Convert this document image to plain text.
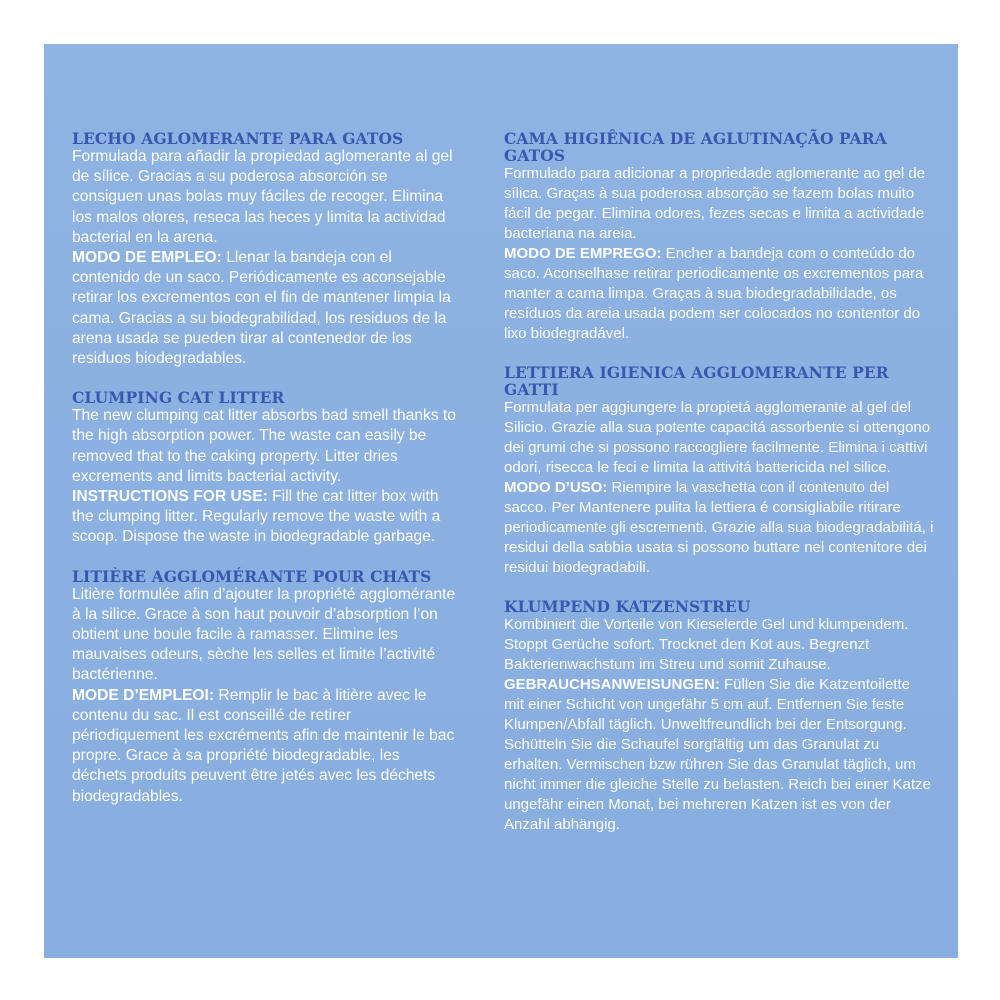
LECHO AGLOMERANTE PARA GATOS

Formulada para añadir la propiedad aglomerante al gel de sílice. Gracias a su poderosa absorción se consiguen unas bolas muy fáciles de recoger. Elimina los malos olores, reseca las heces y limita la actividad bacterial en la arena.
MODO DE EMPLEO: Llenar la bandeja con el contenido de un saco. Periódicamente es aconsejable retirar los excrementos con el fin de mantener limpia la cama. Gracias a su biodegrabilidad, los residuos de la arena usada se pueden tirar al contenedor de los residuos biodegradables.

CLUMPING CAT LITTER

The new clumping cat litter absorbs bad smell thanks to the high absorption power. The waste can easily be removed that to the caking property. Litter dries excrements and limits bacterial activity.
INSTRUCTIONS FOR USE: Fill the cat litter box with the clumping litter. Regularly remove the waste with a scoop. Dispose the waste in biodegradable garbage.

LITIÈRE AGGLOMÉRANTE POUR CHATS

Litière formulée afin d’ajouter la propriété agglomérante à la silice. Grace à son haut pouvoir d’absorption l’on obtient une boule facile à ramasser. Elimine les mauvaises odeurs, sèche les selles et limite l’activité bactérienne.
MODE D’EMPLEOI: Remplir le bac à litière avec le contenu du sac. Il est conseillé de retirer périodiquement les excréments afin de maintenir le bac propre. Grace à sa propriété biodegradable, les déchets produits peuvent être jetés avec les déchets biodegradables.

CAMA HIGIÊNICA DE AGLUTINAÇÃO PARA GATOS

Formulado para adicionar a propriedade aglomerante ao gel de sílica. Graças à sua poderosa absorção se fazem bolas muito fácil de pegar. Elimina odores, fezes secas e limita a actividade bacteriana na areia.
MODO DE EMPREGO: Encher a bandeja com o conteúdo do saco. Aconselhase retirar periodicamente os excrementos para manter a cama limpa. Graças à sua biodegradabilidade, os resíduos da areia usada podem ser colocados no contentor do lixo biodegradável.

LETTIERA IGIENICA AGGLOMERANTE PER GATTI

Formulata per aggiungere la propietá agglomerante al gel del Silicio. Grazie alla sua potente capacitá assorbente si ottengono dei grumi che si possono raccogliere facilmente. Elimina i cattivi odori, risecca le feci e limita la attivitá battericida nel silice.
MODO D’USO: Riempire la vaschetta con il contenuto del sacco. Per Mantenere pulita la lettiera é consigliabile ritirare periodicamente gli escrementi. Grazie alla sua biodegradabilitá, i residui della sabbia usata si possono buttare nel contenitore dei residui biodegradabili.

KLUMPEND KATZENSTREU

Kombiniert die Vorteile von Kieselerde Gel und klumpendem. Stoppt Gerüche sofort. Trocknet den Kot aus. Begrenzt Bakterienwachstum im Streu und somit Zuhause.
GEBRAUCHSANWEISUNGEN: Füllen Sie die Katzentoilette mit einer Schicht von ungefähr 5 cm auf. Entfernen Sie feste Klumpen/Abfall täglich. Unweltfreundlich bei der Entsorgung. Schütteln Sie die Schaufel sorgfältig um das Granulat zu erhalten. Vermischen bzw rühren Sie das Granulat täglich, um nicht immer die gleiche Stelle zu belasten. Reich bei einer Katze ungefähr einen Monat, bei mehreren Katzen ist es von der Anzahl abhängig.
